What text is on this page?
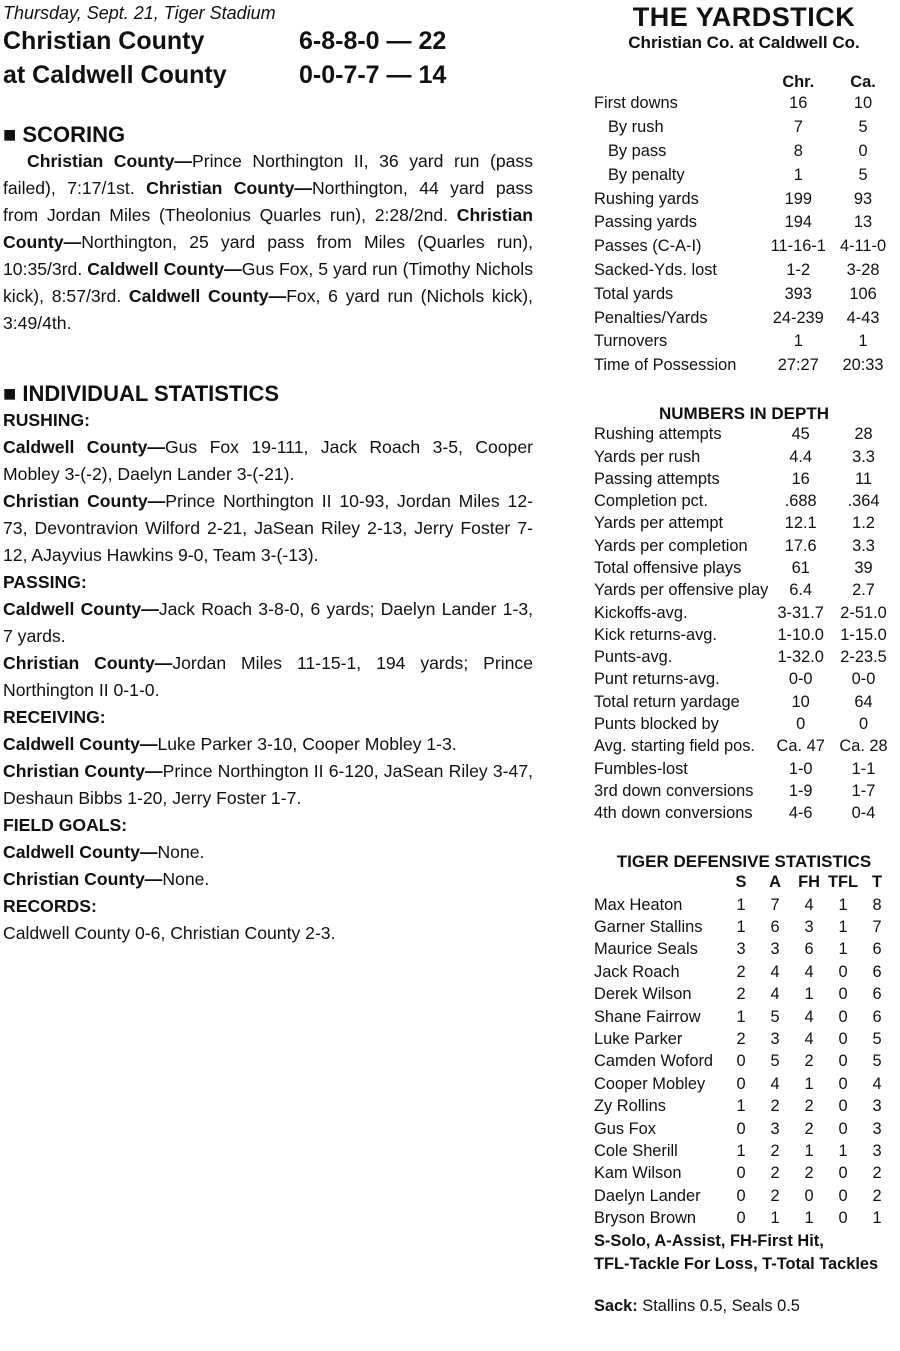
Thursday, Sept. 21, Tiger Stadium
Christian County	6-8-8-0 — 22
at Caldwell County	0-0-7-7 — 14
■ SCORING
Christian County—Prince Northington II, 36 yard run (pass failed), 7:17/1st. Christian County—Northington, 44 yard pass from Jordan Miles (Theolonius Quarles run), 2:28/2nd. Christian County—Northington, 25 yard pass from Miles (Quarles run), 10:35/3rd. Caldwell County—Gus Fox, 5 yard run (Timothy Nichols kick), 8:57/3rd. Caldwell County—Fox, 6 yard run (Nichols kick), 3:49/4th.
■ INDIVIDUAL STATISTICS
RUSHING:
Caldwell County—Gus Fox 19-111, Jack Roach 3-5, Cooper Mobley 3-(-2), Daelyn Lander 3-(-21).
Christian County—Prince Northington II 10-93, Jordan Miles 12-73, Devontravion Wilford 2-21, JaSean Riley 2-13, Jerry Foster 7-12, AJayvius Hawkins 9-0, Team 3-(-13).
PASSING:
Caldwell County—Jack Roach 3-8-0, 6 yards; Daelyn Lander 1-3, 7 yards.
Christian County—Jordan Miles 11-15-1, 194 yards; Prince Northington II 0-1-0.
RECEIVING:
Caldwell County—Luke Parker 3-10, Cooper Mobley 1-3.
Christian County—Prince Northington II 6-120, JaSean Riley 3-47, Deshaun Bibbs 1-20, Jerry Foster 1-7.
FIELD GOALS:
Caldwell County—None.
Christian County—None.
RECORDS:
Caldwell County 0-6, Christian County 2-3.
THE YARDSTICK
Christian Co. at Caldwell Co.
	Chr.	Ca.
First downs	16	10
By rush	7	5
By pass	8	0
By penalty	1	5
Rushing yards	199	93
Passing yards	194	13
Passes (C-A-I)	11-16-1	4-11-0
Sacked-Yds. lost	1-2	3-28
Total yards	393	106
Penalties/Yards	24-239	4-43
Turnovers	1	1
Time of Possession	27:27	20:33
NUMBERS IN DEPTH
Rushing attempts	45	28
Yards per rush	4.4	3.3
Passing attempts	16	11
Completion pct.	.688	.364
Yards per attempt	12.1	1.2
Yards per completion	17.6	3.3
Total offensive plays	61	39
Yards per offensive play	6.4	2.7
Kickoffs-avg.	3-31.7	2-51.0
Kick returns-avg.	1-10.0	1-15.0
Punts-avg.	1-32.0	2-23.5
Punt returns-avg.	0-0	0-0
Total return yardage	10	64
Punts blocked by	0	0
Avg. starting field pos.	Ca. 47	Ca. 28
Fumbles-lost	1-0	1-1
3rd down conversions	1-9	1-7
4th down conversions	4-6	0-4
TIGER DEFENSIVE STATISTICS
	S	A	FH	TFL	T
Max Heaton	1	7	4	1	8
Garner Stallins	1	6	3	1	7
Maurice Seals	3	3	6	1	6
Jack Roach	2	4	4	0	6
Derek Wilson	2	4	1	0	6
Shane Fairrow	1	5	4	0	6
Luke Parker	2	3	4	0	5
Camden Woford	0	5	2	0	5
Cooper Mobley	0	4	1	0	4
Zy Rollins	1	2	2	0	3
Gus Fox	0	3	2	0	3
Cole Sherill	1	2	1	1	3
Kam Wilson	0	2	2	0	2
Daelyn Lander	0	2	0	0	2
Bryson Brown	0	1	1	0	1
S-Solo, A-Assist, FH-First Hit,
TFL-Tackle For Loss, T-Total Tackles
Sack: Stallins 0.5, Seals 0.5
